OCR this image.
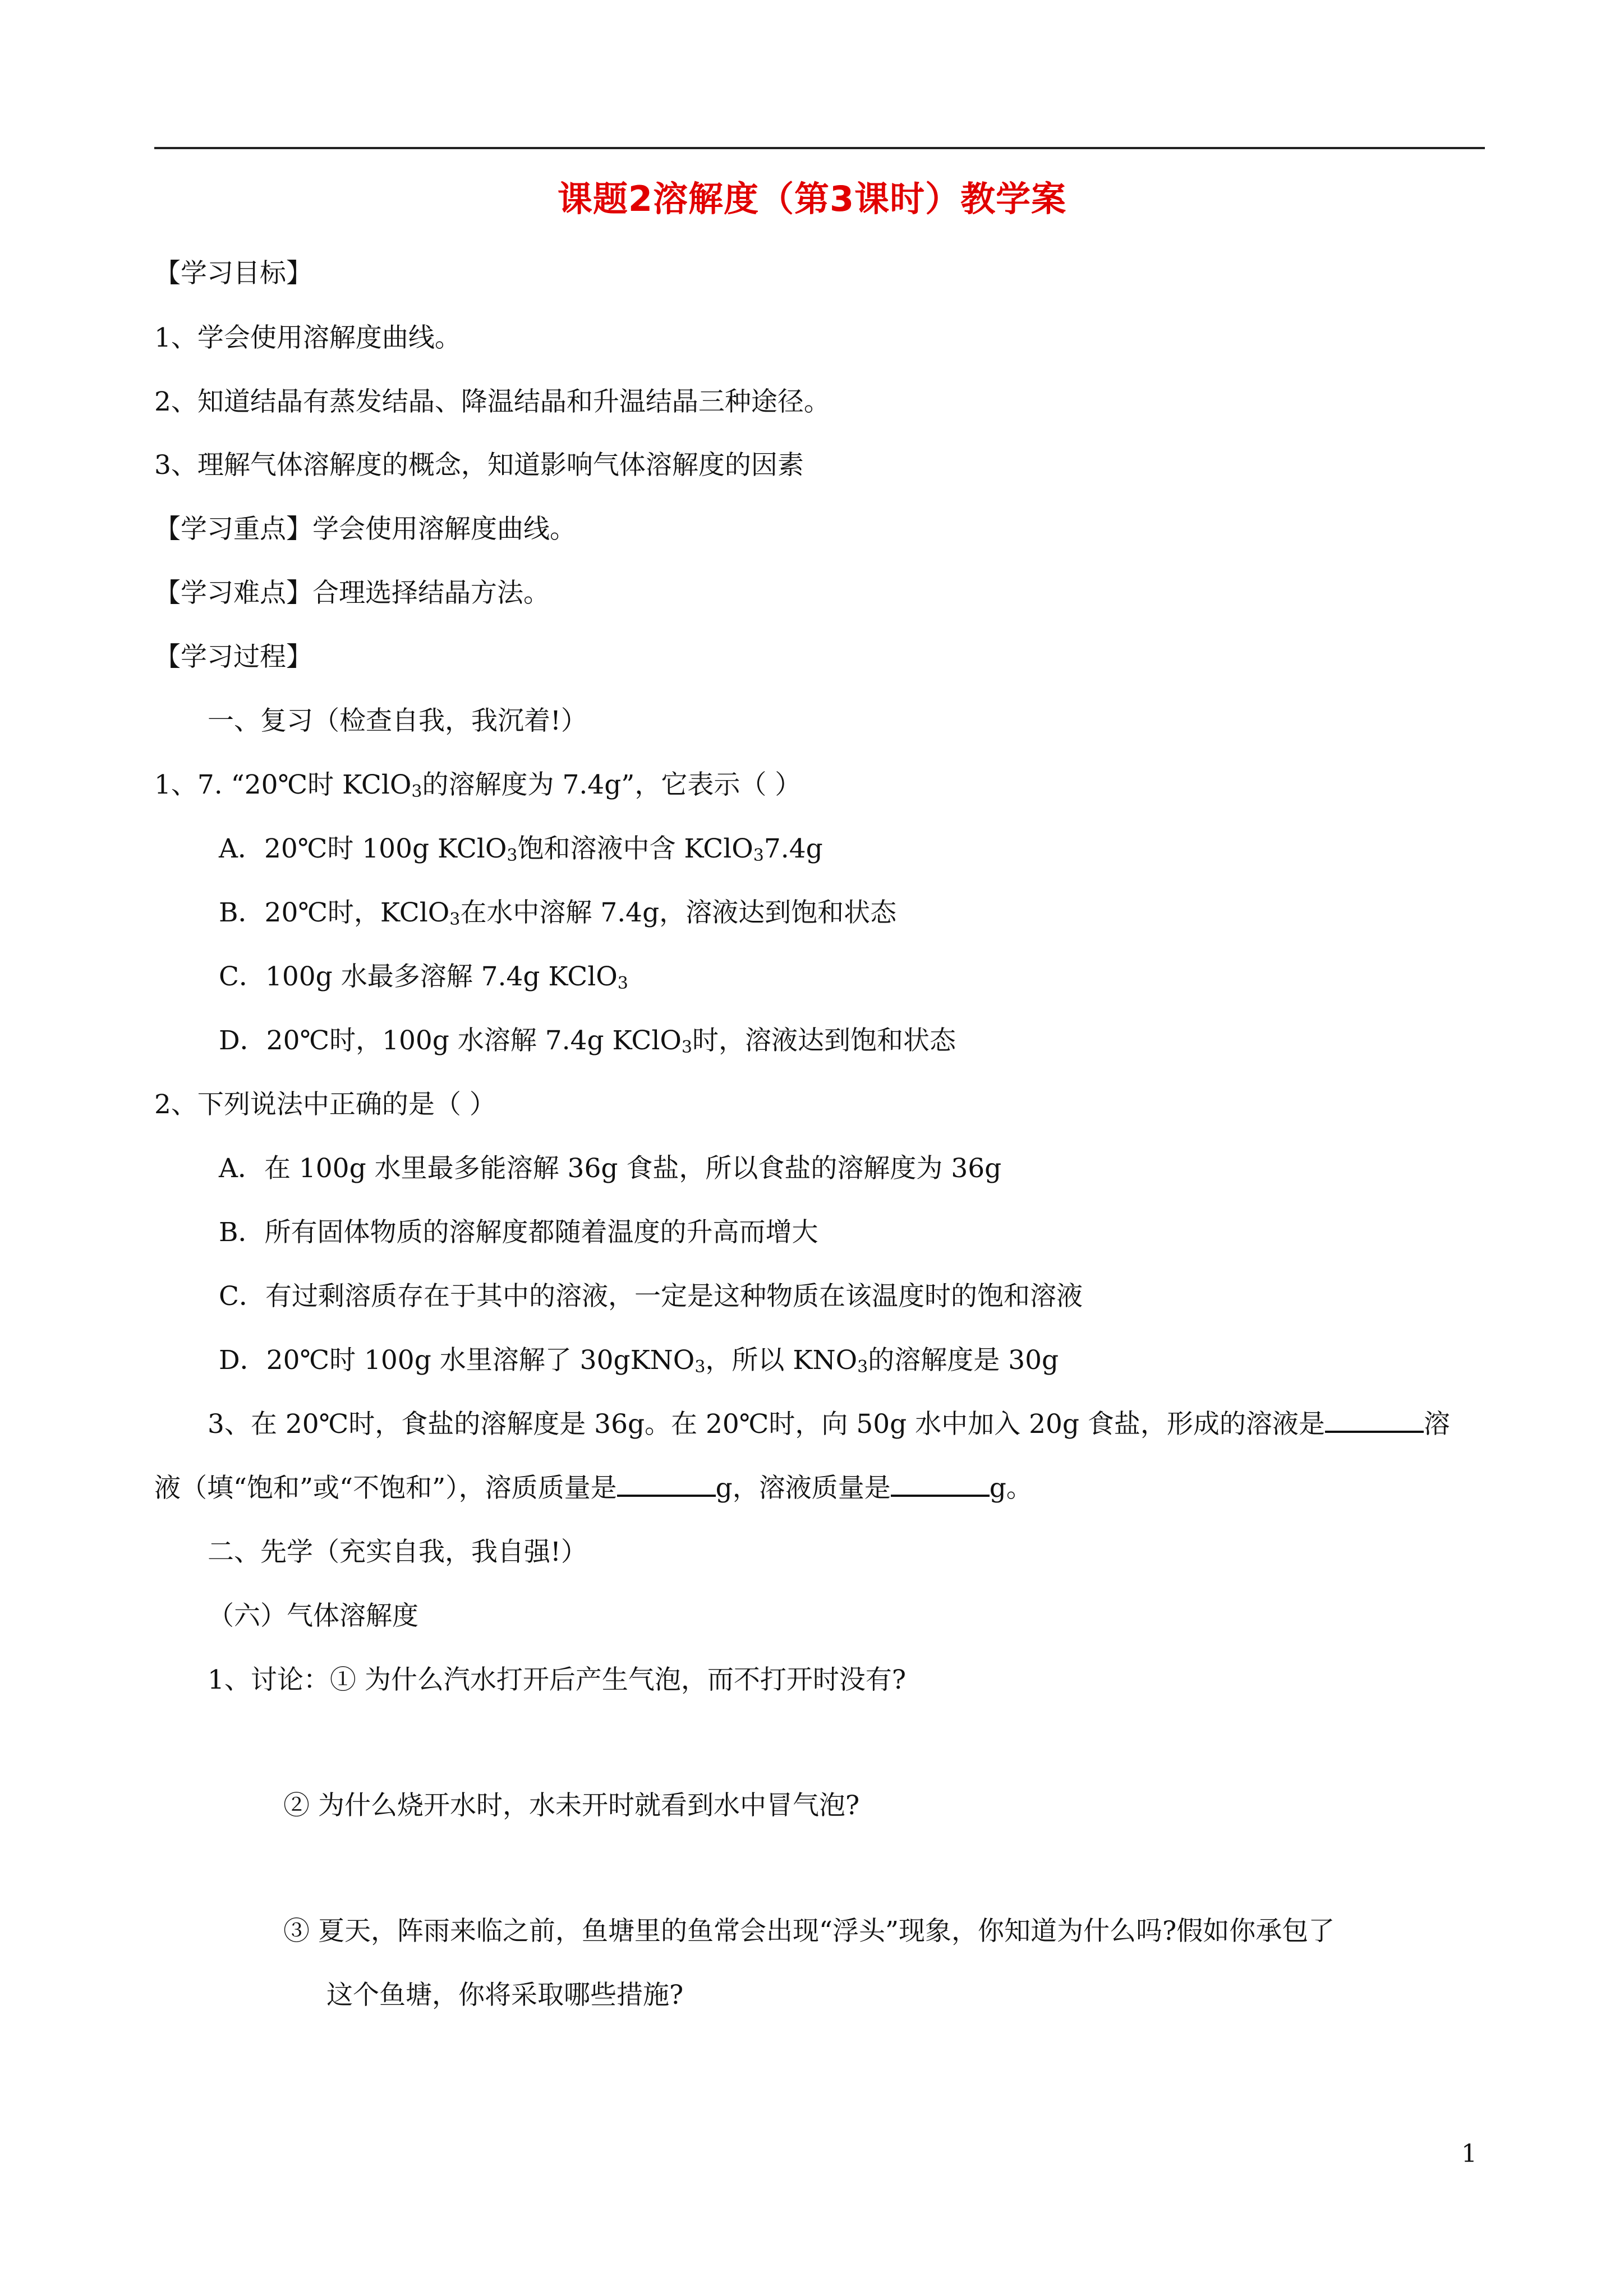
课题2溶解度（第3课时）教学案
【学习目标】
1、学会使用溶解度曲线。
2、知道结晶有蒸发结晶、降温结晶和升温结晶三种途径。
3、理解气体溶解度的概念，知道影响气体溶解度的因素
【学习重点】学会使用溶解度曲线。
【学习难点】合理选择结晶方法。
【学习过程】
一、复习（检查自我，我沉着!）
1、7. “20℃时 KClO$_3$的溶解度为 7.4g”，它表示（ ）
A．20℃时 100g KClO$_3$饱和溶液中含 KClO$_3$7.4g
B．20℃时，KClO$_3$在水中溶解 7.4g，溶液达到饱和状态
C．100g 水最多溶解 7.4g KClO$_3$
D．20℃时，100g 水溶解 7.4g KClO$_3$时，溶液达到饱和状态
2、下列说法中正确的是（ ）
A．在 100g 水里最多能溶解 36g 食盐，所以食盐的溶解度为 36g
B．所有固体物质的溶解度都随着温度的升高而增大
C．有过剩溶质存在于其中的溶液，一定是这种物质在该温度时的饱和溶液
D．20℃时 100g 水里溶解了 30gKNO$_3$，所以 $KNO_3$的溶解度是 30g
3、在 20℃时，食盐的溶解度是 36g。在 20℃时，向 50g 水中加入 20g 食盐，形成的溶液是	溶
液（填“饱和”或“不饱和”），溶质质量是	g，溶液质量是	g。
二、先学（充实自我，我自强!）
（六）气体溶解度
1、讨论：① 为什么汽水打开后产生气泡，而不打开时没有?
② 为什么烧开水时，水未开时就看到水中冒气泡?
③ 夏天，阵雨来临之前，鱼塘里的鱼常会出现“浮头”现象，你知道为什么吗?假如你承包了
这个鱼塘，你将采取哪些措施?
1
